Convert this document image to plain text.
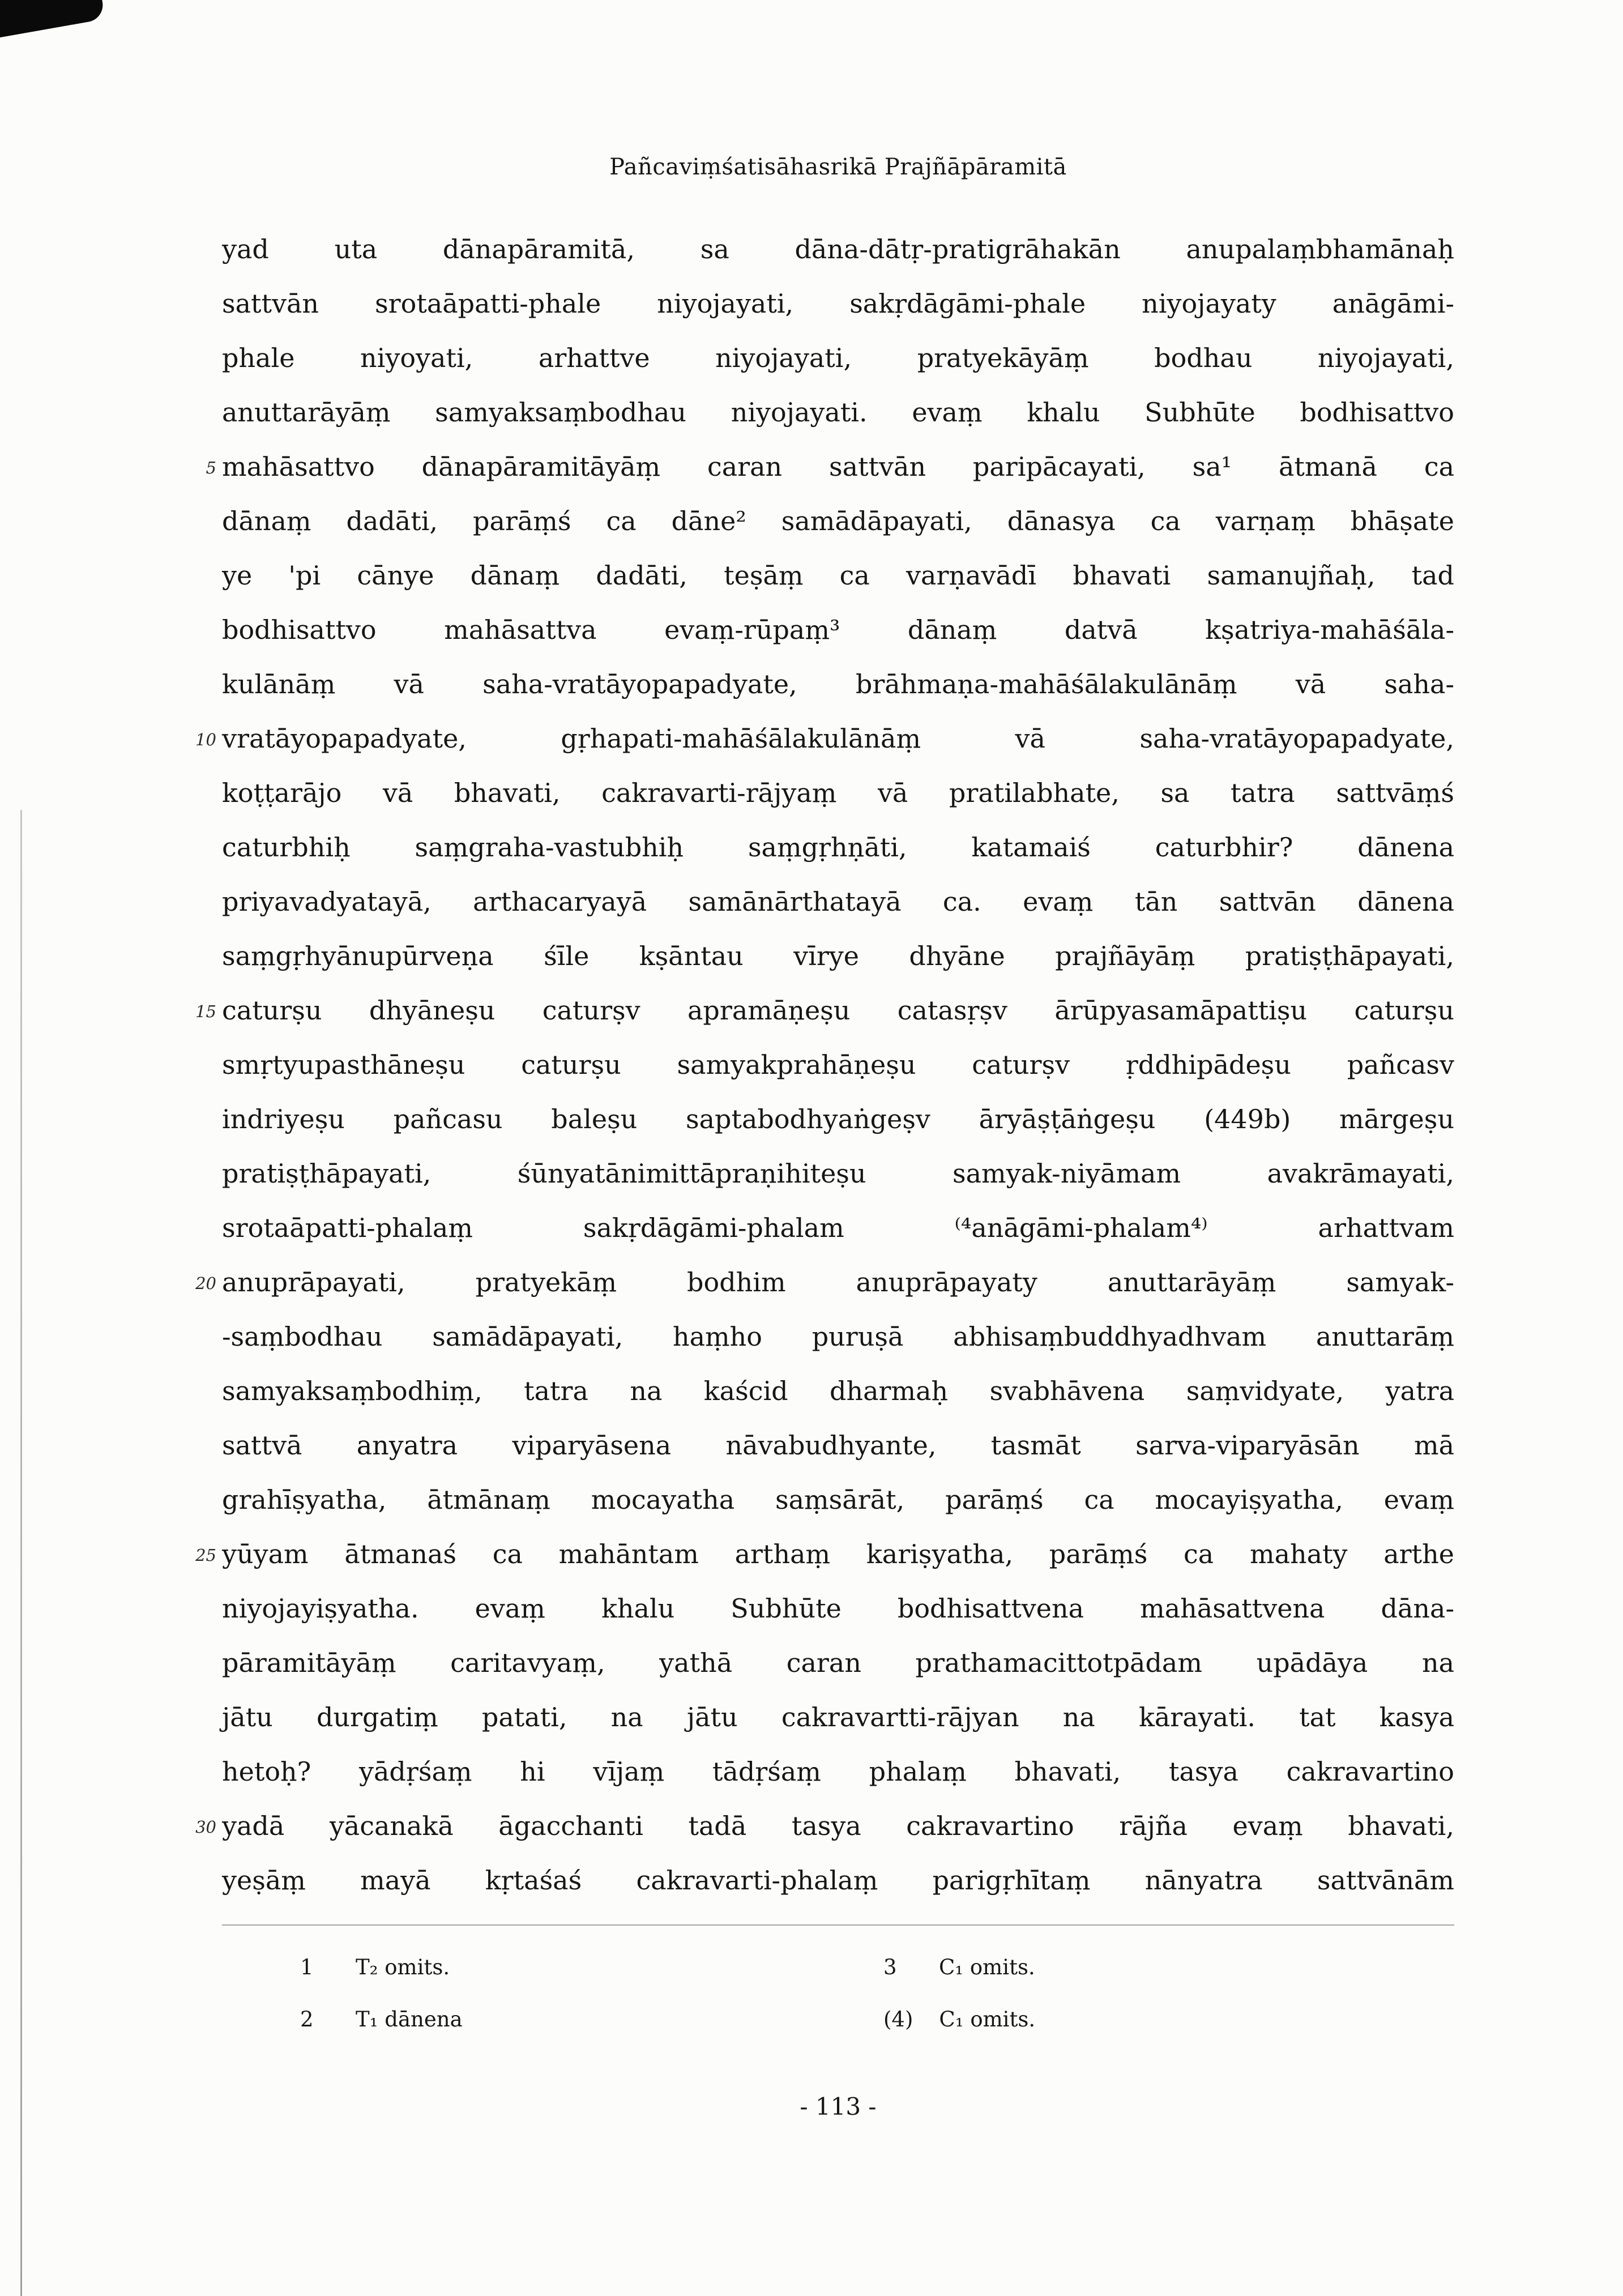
Pañcaviṃśatisāhasrikā Prajñāpāramitā
yad uta dānapāramitā, sa dāna-dātṛ-pratigrāhakān anupalaṃbhamānaḥ
sattvān srotaāpatti-phale niyojayati, sakṛdāgāmi-phale niyojayaty anāgāmi-
phale niyoyati, arhattve niyojayati, pratyekāyāṃ bodhau niyojayati,
anuttarāyāṃ samyaksaṃbodhau niyojayati. evaṃ khalu Subhūte bodhisattvo
5 mahāsattvo dānapāramitāyāṃ caran sattvān paripācayati, sa¹ ātmanā ca
dānaṃ dadāti, parāṃś ca dāne² samādāpayati, dānasya ca varṇaṃ bhāṣate
ye 'pi cānye dānaṃ dadāti, teṣāṃ ca varṇavādī bhavati samanujñaḥ, tad
bodhisattvo mahāsattva evaṃ-rūpaṃ³ dānaṃ datvā kṣatriya-mahāśāla-
kulānāṃ vā saha-vratāyopapadyate, brāhmaṇa-mahāśālakulānāṃ vā saha-
10 vratāyopapadyate, gṛhapati-mahāśālakulānāṃ vā saha-vratāyopapadyate,
koṭṭarājo vā bhavati, cakravarti-rājyaṃ vā pratilabhate, sa tatra sattvāṃś
caturbhiḥ saṃgraha-vastubhiḥ saṃgṛhṇāti, katamaiś caturbhir? dānena
priyavadyatayā, arthacaryayā samānārthatayā ca. evaṃ tān sattvān dānena
saṃgṛhyānupūrveṇa śīle kṣāntau vīrye dhyāne prajñāyāṃ pratiṣṭhāpayati,
15 caturṣu dhyāneṣu caturṣv apramāṇeṣu catasṛṣv ārūpyasamāpattiṣu caturṣu
smṛtyupasthāneṣu caturṣu samyakprahāṇeṣu caturṣv ṛddhipādeṣu pañcasv
indriyeṣu pañcasu baleṣu saptabodhyaṅgeṣv āryāṣṭāṅgeṣu (449b) mārgeṣu
pratiṣṭhāpayati, śūnyatānimittāpraṇihiteṣu samyak-niyāmam avakrāmayati,
srotaāpatti-phalaṃ sakṛdāgāmi-phalam ⁽⁴anāgāmi-phalam⁴⁾ arhattvam
20 anuprāpayati, pratyekāṃ bodhim anuprāpayaty anuttarāyāṃ samyak-
-saṃbodhau samādāpayati, haṃho puruṣā abhisaṃbuddhyadhvam anuttarāṃ
samyaksaṃbodhiṃ, tatra na kaścid dharmaḥ svabhāvena saṃvidyate, yatra
sattvā anyatra viparyāsena nāvabudhyante, tasmāt sarva-viparyāsān mā
grahīṣyatha, ātmānaṃ mocayatha saṃsārāt, parāṃś ca mocayiṣyatha, evaṃ
25 yūyam ātmanaś ca mahāntam arthaṃ kariṣyatha, parāṃś ca mahaty arthe
niyojayiṣyatha. evaṃ khalu Subhūte bodhisattvena mahāsattvena dāna-
pāramitāyāṃ caritavyaṃ, yathā caran prathamacittotpādam upādāya na
jātu durgatiṃ patati, na jātu cakravartti-rājyan na kārayati. tat kasya
hetoḥ? yādṛśaṃ hi vījaṃ tādṛśaṃ phalaṃ bhavati, tasya cakravartino
30 yadā yācanakā āgacchanti tadā tasya cakravartino rājña evaṃ bhavati,
yeṣāṃ mayā kṛtaśaś cakravarti-phalaṃ parigṛhītaṃ nānyatra sattvānām
1	T₂ omits.
2	T₁ dānena
3	C₁ omits.
(4) C₁ omits.
- 113 -
